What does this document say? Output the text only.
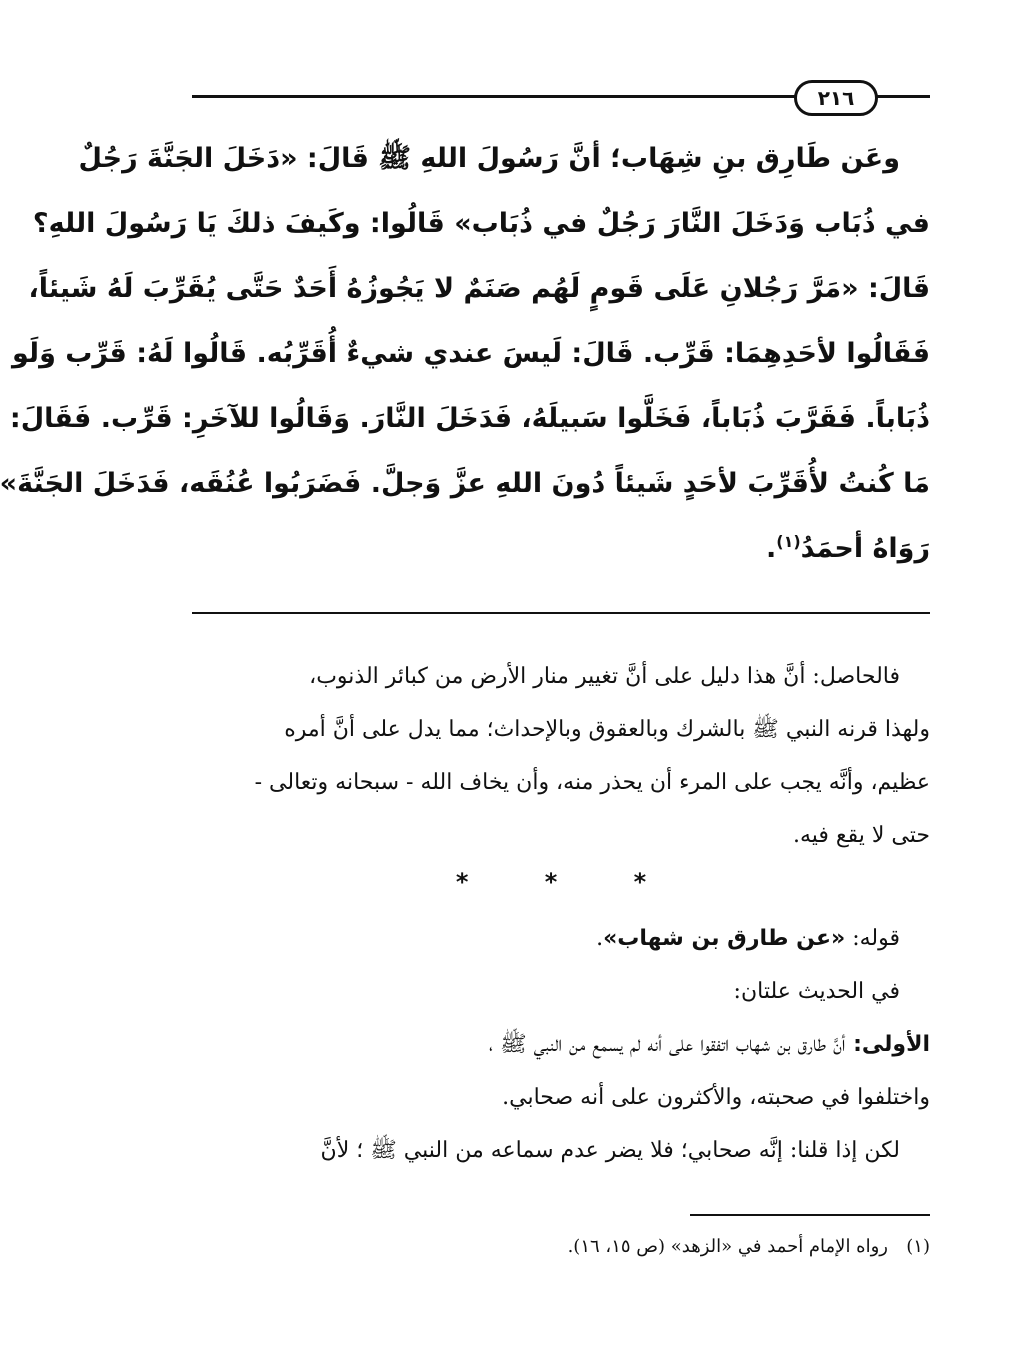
٢١٦
وعَن طَارِق بنِ شِهَاب؛ أنَّ رَسُولَ اللهِ ﷺ قَالَ: «دَخَلَ الجَنَّةَ رَجُلٌ
في ذُبَاب وَدَخَلَ النَّارَ رَجُلٌ في ذُبَاب» قَالُوا: وكَيفَ ذلكَ يَا رَسُولَ اللهِ؟
قَالَ: «مَرَّ رَجُلانِ عَلَى قَومٍ لَهُم صَنَمٌ لا يَجُوزُهُ أَحَدٌ حَتَّى يُقَرِّبَ لَهُ شَيئاً،
فَقَالُوا لأحَدِهِمَا: قَرِّب. قَالَ: لَيسَ عندي شيءٌ أُقَرِّبُه. قَالُوا لَهُ: قَرِّب وَلَو
ذُبَاباً. فَقَرَّبَ ذُبَاباً، فَخَلَّوا سَبيلَهُ، فَدَخَلَ النَّارَ. وَقَالُوا للآخَرِ: قَرِّب. فَقَالَ:
مَا كُنتُ لأُقَرِّبَ لأحَدٍ شَيئاً دُونَ اللهِ عزَّ وَجلَّ. فَضَرَبُوا عُنُقَه، فَدَخَلَ الجَنَّةَ»
رَوَاهُ أحمَدُ$^{(١)}$.
فالحاصل: أنَّ هذا دليل على أنَّ تغيير منار الأرض من كبائر الذنوب،
ولهذا قرنه النبي ﷺ بالشرك وبالعقوق وبالإحداث؛ مما يدل على أنَّ أمره
عظيم، وأنَّه يجب على المرء أن يحذر منه، وأن يخاف الله - سبحانه وتعالى -
حتى لا يقع فيه.
* * *
قوله: «عن طارق بن شهاب».
في الحديث علتان:
الأولى: أنَّ طارق بن شهاب اتفقوا على أنه لم يسمع من النبي ﷺ ،
واختلفوا في صحبته، والأكثرون على أنه صحابي.
لكن إذا قلنا: إنَّه صحابي؛ فلا يضر عدم سماعه من النبي ﷺ ؛ لأنَّ
(١)رواه الإمام أحمد في «الزهد» (ص ١٥، ١٦).
